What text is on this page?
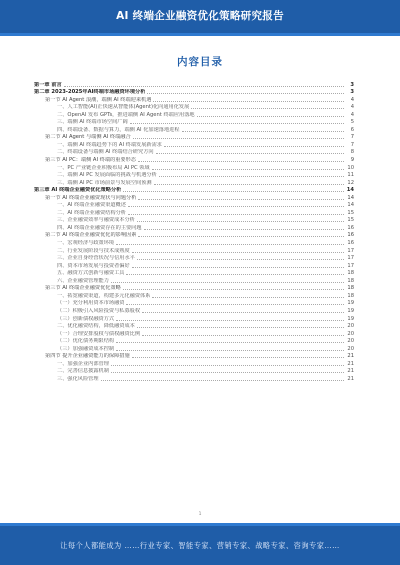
AI 终端企业融资优化策略研究报告
内容目录
第一章 前言	3
第二章 2023-2025年AI终端市场融资环境分析	3
第一节 AI Agent 浪潮，端侧 AI 终端迎来机遇	4
一、人工智能(AI)正快速从智能体(Agent)化向通用化发展	4
二、OpenAI 发布 GPTs，推进端侧 AI Agent 终端应用落地	4
三、端侧 AI 终端市场空间广阔	5
四、终端设备、数据与算力，端侧 AI 化加速落地进程	6
第二节 AI Agent 与端侧 AI 终端融合	7
一、端侧 AI 终端趋势下的 AI 终端发展新需求	7
二、终端设备与端侧 AI 终端结合研究方向	8
第三节 AI PC：端侧 AI 终端的重要形态	9
一、PC 产业链企业积极布局 AI PC 领域	10
二、端侧 AI PC 发展面临的挑战与机遇分析	11
三、端侧 AI PC 市场前景与发展空间预测	12
第三章 AI 终端企业融资优化策略分析	14
第一节 AI 终端企业融资现状与问题分析	14
一、AI 终端企业融资渠道概述	14
二、AI 终端企业融资结构分析	15
三、企业融资效率与融资成本分析	15
四、AI 终端企业融资存在的主要问题	16
第二节 AI 终端企业融资优化的影响因素	16
一、宏观经济与政策环境	16
二、行业发展阶段与技术成熟度	17
三、企业自身经营状况与信用水平	17
四、资本市场发展与投资者偏好	17
五、融资方式创新与融资工具	18
六、企业融资管理能力	18
第三节 AI 终端企业融资优化策略	18
一、拓宽融资渠道，构建多元化融资体系	18
（一）充分利用资本市场融资	19
（二）积极引入风险投资与私募股权	19
（三）创新债权融资方式	19
二、优化融资结构，降低融资成本	20
（一）合理安排股权与债权融资比例	20
（二）优化债务期限结构	20
（三）加强融资成本控制	20
第四节 提升企业融资能力的保障措施	21
一、加强企业内部管理	21
二、完善信息披露机制	21
三、强化风险管理	21
1
让每个人都能成为 ……行业专家、智能专家、营销专家、战略专家、咨询专家……
